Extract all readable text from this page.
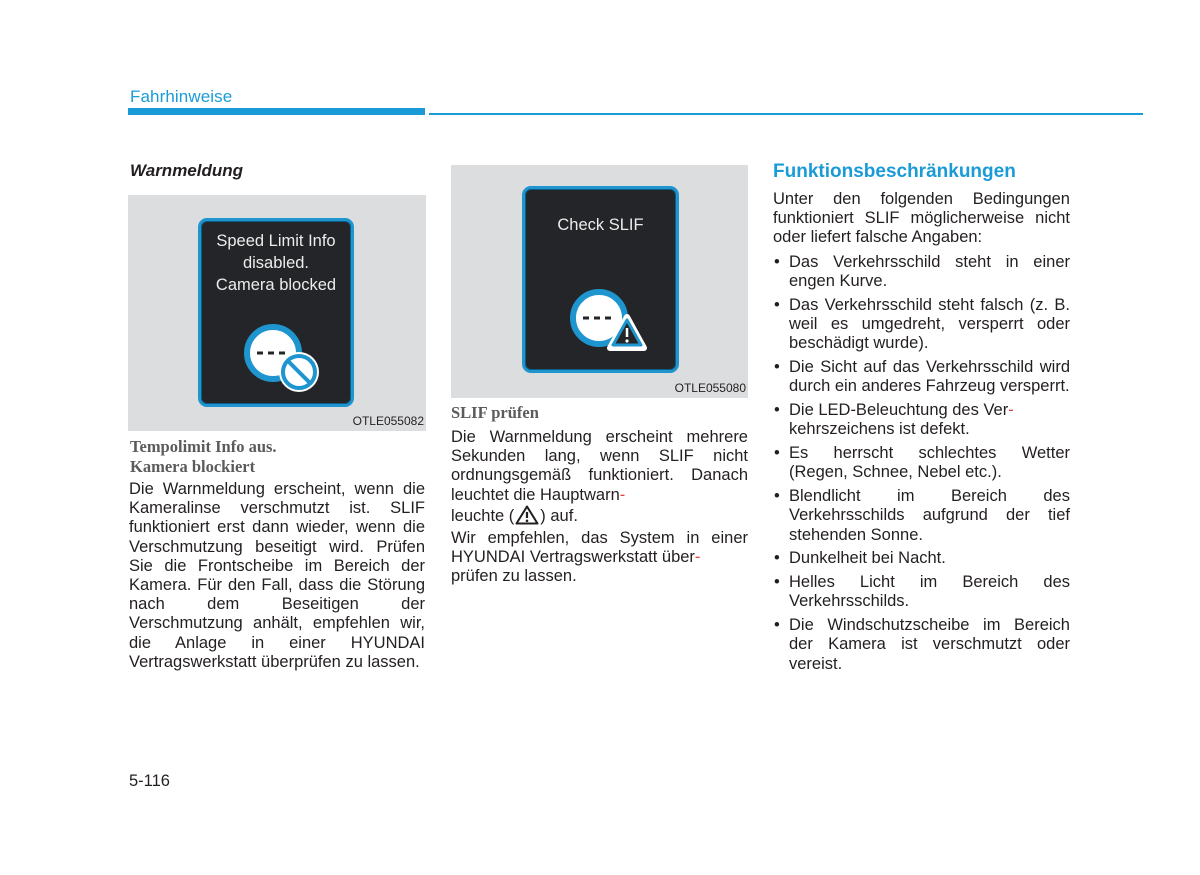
Fahrhinweise
Warnmeldung
Speed Limit Info
disabled.
Camera blocked
OTLE055082
Tempolimit Info aus.
Kamera blockiert
Die Warnmeldung erscheint, wenn die Kameralinse verschmutzt ist. SLIF funktioniert erst dann wieder, wenn die Verschmutzung beseitigt wird. Prüfen Sie die Frontscheibe im Bereich der Kamera. Für den Fall, dass die Störung nach dem Beseitigen der Verschmutzung anhält, empfehlen wir, die Anlage in einer HYUNDAI Vertragswerkstatt überprüfen zu lassen.
Check SLIF
OTLE055080
SLIF prüfen
Die Warnmeldung erscheint mehrere Sekunden lang, wenn SLIF nicht ordnungsgemäß funktioniert. Danach leuchtet die Hauptwarn-
leuchte ( ) auf.
Wir empfehlen, das System in einer HYUNDAI Vertragswerkstatt über-
prüfen zu lassen.
Funktionsbeschränkungen
Unter den folgenden Bedingungen funktioniert SLIF möglicherweise nicht oder liefert falsche Angaben:
• Das Verkehrsschild steht in einer engen Kurve.
• Das Verkehrsschild steht falsch (z. B. weil es umgedreht, versperrt oder beschädigt wurde).
• Die Sicht auf das Verkehrsschild wird durch ein anderes Fahrzeug versperrt.
• Die LED-Beleuchtung des Ver-
kehrszeichens ist defekt.
• Es herrscht schlechtes Wetter (Regen, Schnee, Nebel etc.).
• Blendlicht im Bereich des Verkehrsschilds aufgrund der tief stehenden Sonne.
• Dunkelheit bei Nacht.
• Helles Licht im Bereich des Verkehrsschilds.
• Die Windschutzscheibe im Bereich der Kamera ist verschmutzt oder vereist.
5-116
